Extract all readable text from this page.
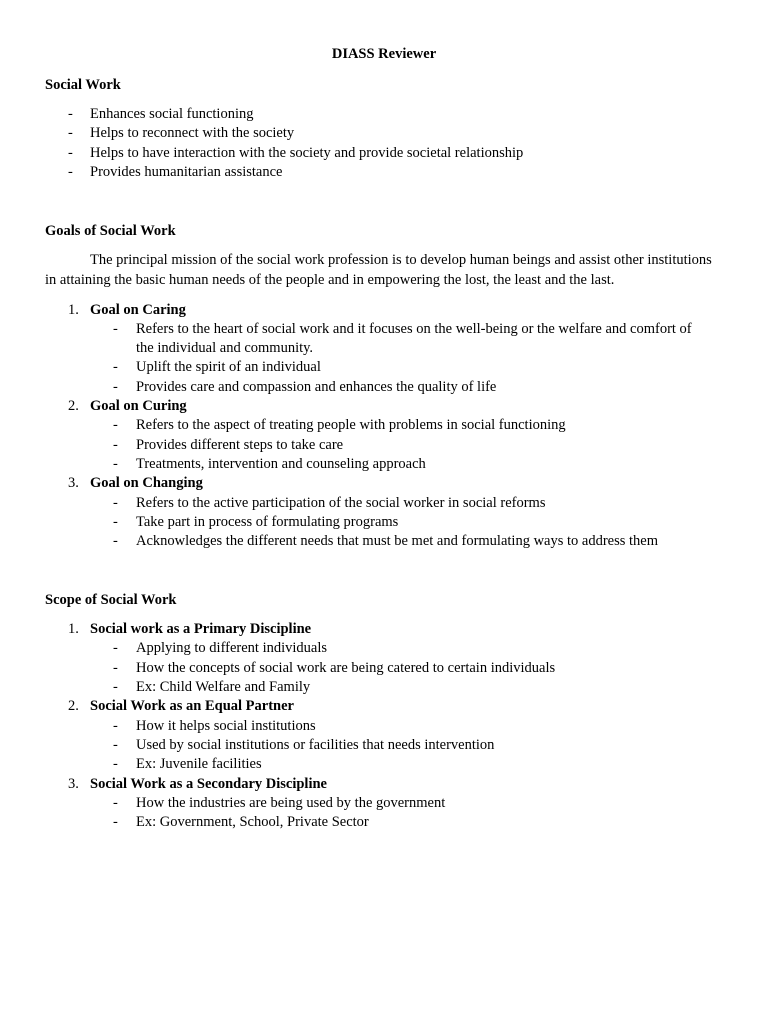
DIASS Reviewer
Social Work
- Enhances social functioning
- Helps to reconnect with the society
- Helps to have interaction with the society and provide societal relationship
- Provides humanitarian assistance
Goals of Social Work
The principal mission of the social work profession is to develop human beings and assist other institutions
in attaining the basic human needs of the people and in empowering the lost, the least and the last.
1. Goal on Caring
- Refers to the heart of social work and it focuses on the well-being or the welfare and comfort of
the individual and community.
- Uplift the spirit of an individual
- Provides care and compassion and enhances the quality of life
2. Goal on Curing
- Refers to the aspect of treating people with problems in social functioning
- Provides different steps to take care
- Treatments, intervention and counseling approach
3. Goal on Changing
- Refers to the active participation of the social worker in social reforms
- Take part in process of formulating programs
- Acknowledges the different needs that must be met and formulating ways to address them
Scope of Social Work
1. Social work as a Primary Discipline
- Applying to different individuals
- How the concepts of social work are being catered to certain individuals
- Ex: Child Welfare and Family
2. Social Work as an Equal Partner
- How it helps social institutions
- Used by social institutions or facilities that needs intervention
- Ex: Juvenile facilities
3. Social Work as a Secondary Discipline
- How the industries are being used by the government
- Ex: Government, School, Private Sector
